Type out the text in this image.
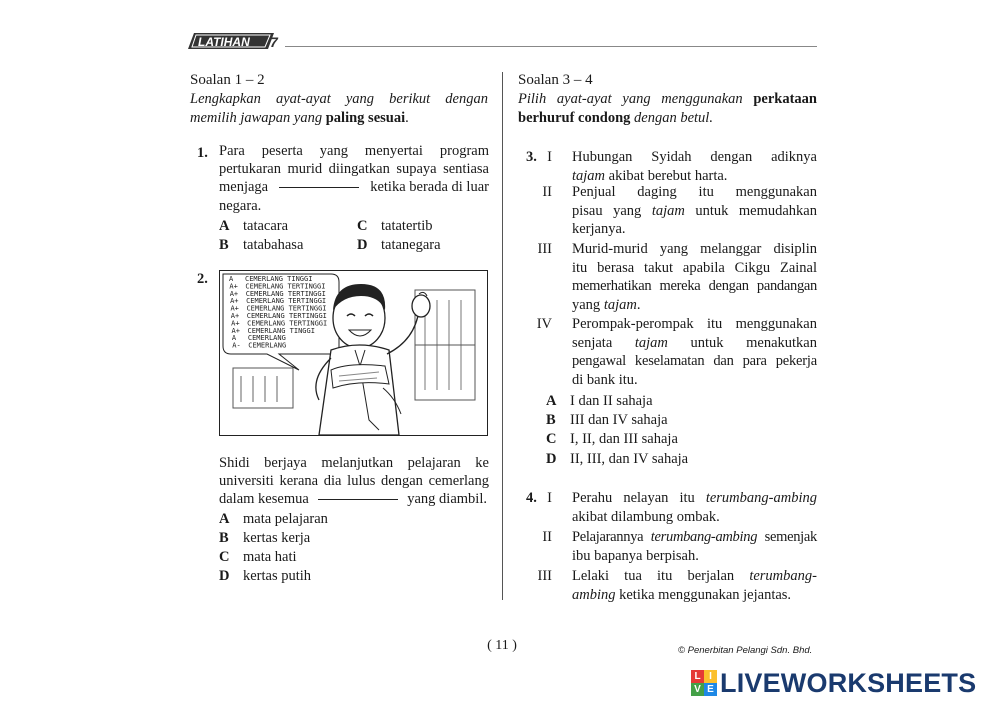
LATIHAN 7
Soalan 1 – 2
Lengkapkan ayat-ayat yang berikut dengan
memilih jawapan yang paling sesuai.
1. Para peserta yang menyertai program
pertukaran murid diingatkan supaya sentiasa
menjaga	ketika berada di luar
negara.
A tatacara	C tatatertib
B tatabahasa	D tatanegara
2.	A CEMERLANG TINGGI
A+ CEMERLANG TERTINGGI
A+ CEMERLANG TERTINGGI
A+ CEMERLANG TERTINGGI
A+ CEMERLANG TERTINGGI
A+ CEMERLANG TERTINGGI
A+ CEMERLANG TERTINGGI
A+ CEMERLANG TINGGI
A CEMERLANG
A- CEMERLANG
Shidi berjaya melanjutkan pelajaran ke
universiti kerana dia lulus dengan cemerlang
dalam kesemua	yang diambil.
A mata pelajaran
B kertas kerja
C mata hati
D kertas putih
Soalan 3 – 4
Pilih ayat-ayat yang menggunakan perkataan
berhuruf condong dengan betul.
3. I Hubungan Syidah dengan adiknya
tajam akibat berebut harta.
II Penjual daging itu menggunakan
pisau yang tajam untuk memudahkan
kerjanya.
III Murid-murid yang melanggar disiplin
itu berasa takut apabila Cikgu Zainal
memerhatikan mereka dengan pandangan
yang tajam.
IV Perompak-perompak itu menggunakan
senjata tajam untuk menakutkan
pengawal keselamatan dan para pekerja
di bank itu.
A I dan II sahaja
B III dan IV sahaja
C I, II, dan III sahaja
D II, III, dan IV sahaja
4. I Perahu nelayan itu terumbang-ambing
akibat dilambung ombak.
II Pelajarannya terumbang-ambing semenjak
ibu bapanya berpisah.
III Lelaki tua itu berjalan terumbang-
ambing ketika menggunakan jejantas.
( 11 )	© Penerbitan Pelangi Sdn. Bhd.
L I
V E LIVEWORKSHEETS
